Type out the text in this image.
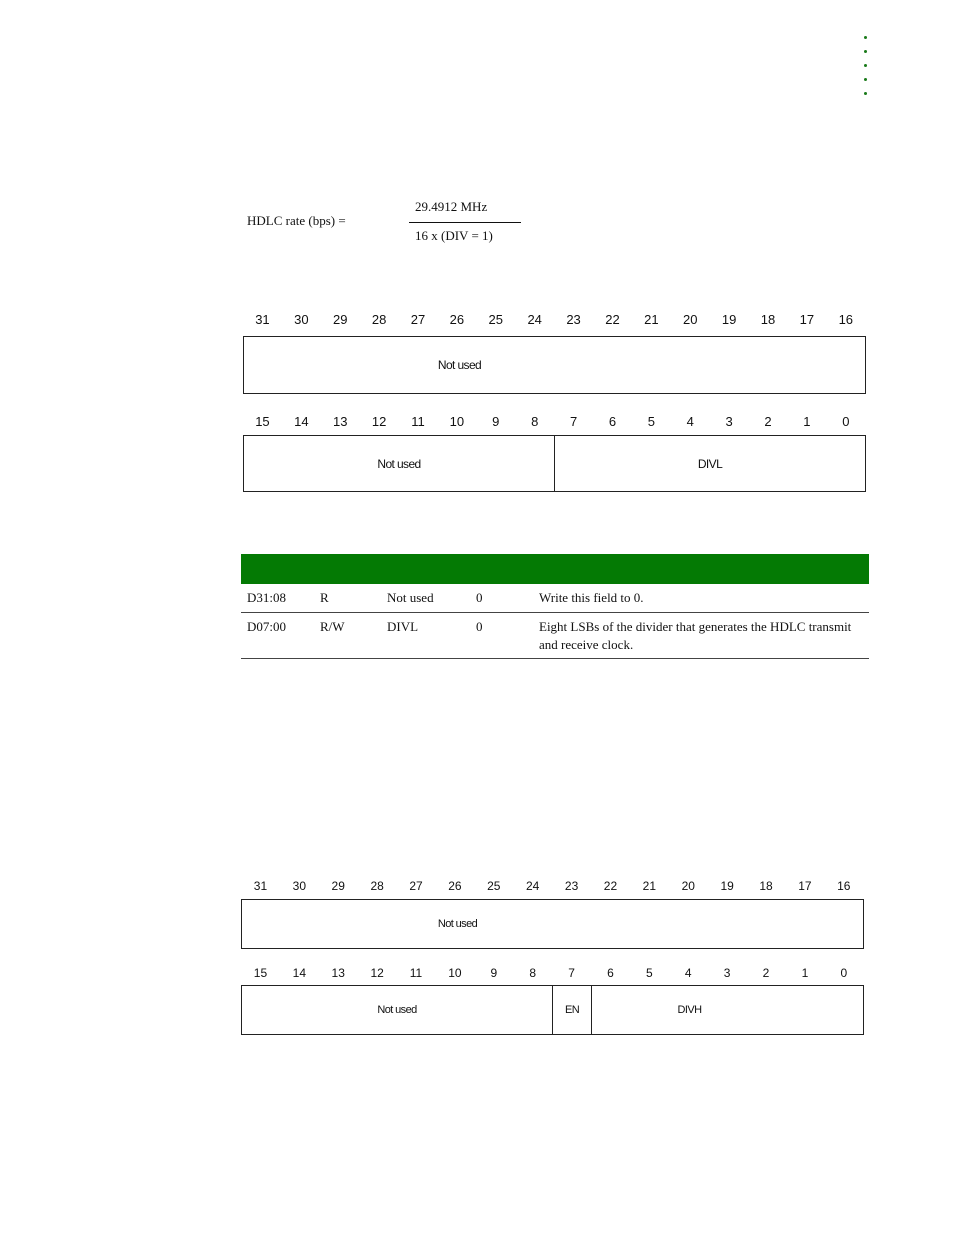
HDLC rate (bps) =
29.4912 MHz
16 x (DIV = 1)
31	30	29	28	27	26	25	24	23	22	21	20	19	18	17	16
Not used
15	14	13	12	11	10	9	8	7	6	5	4	3	2	1	0
Not used	DIVL
D31:08	R	Not used	0	Write this field to 0.
D07:00	R/W	DIVL	0	Eight LSBs of the divider that generates the HDLC transmit and receive clock.
31	30	29	28	27	26	25	24	23	22	21	20	19	18	17	16
Not used
15	14	13	12	11	10	9	8	7	6	5	4	3	2	1	0
Not used	EN	DIVH
